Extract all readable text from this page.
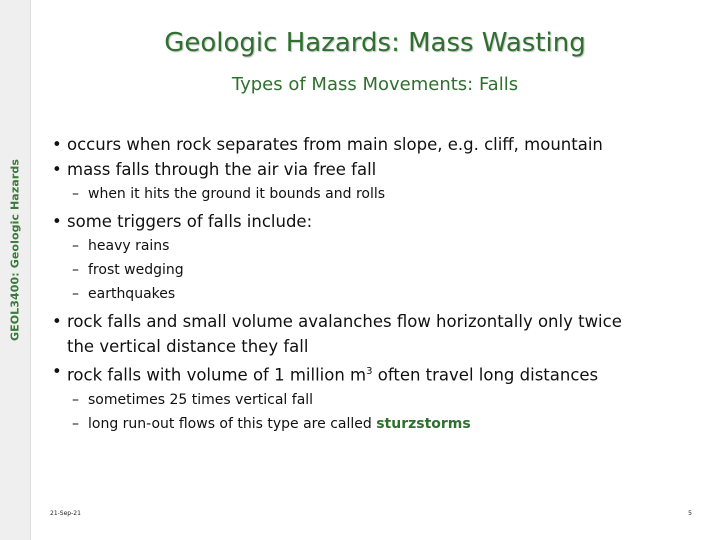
GEOL3400: Geologic Hazards
Geologic Hazards: Mass Wasting
Types of Mass Movements: Falls
• occurs when rock separates from main slope, e.g. cliff, mountain
• mass falls through the air via free fall
– when it hits the ground it bounds and rolls
• some triggers of falls include:
– heavy rains
– frost wedging
– earthquakes
• rock falls and small volume avalanches flow horizontally only twice
the vertical distance they fall
• rock falls with volume of 1 million $m^3$ often travel long distances
– sometimes 25 times vertical fall
– long run-out flows of this type are called sturzstorms
21-Sep-21	5
